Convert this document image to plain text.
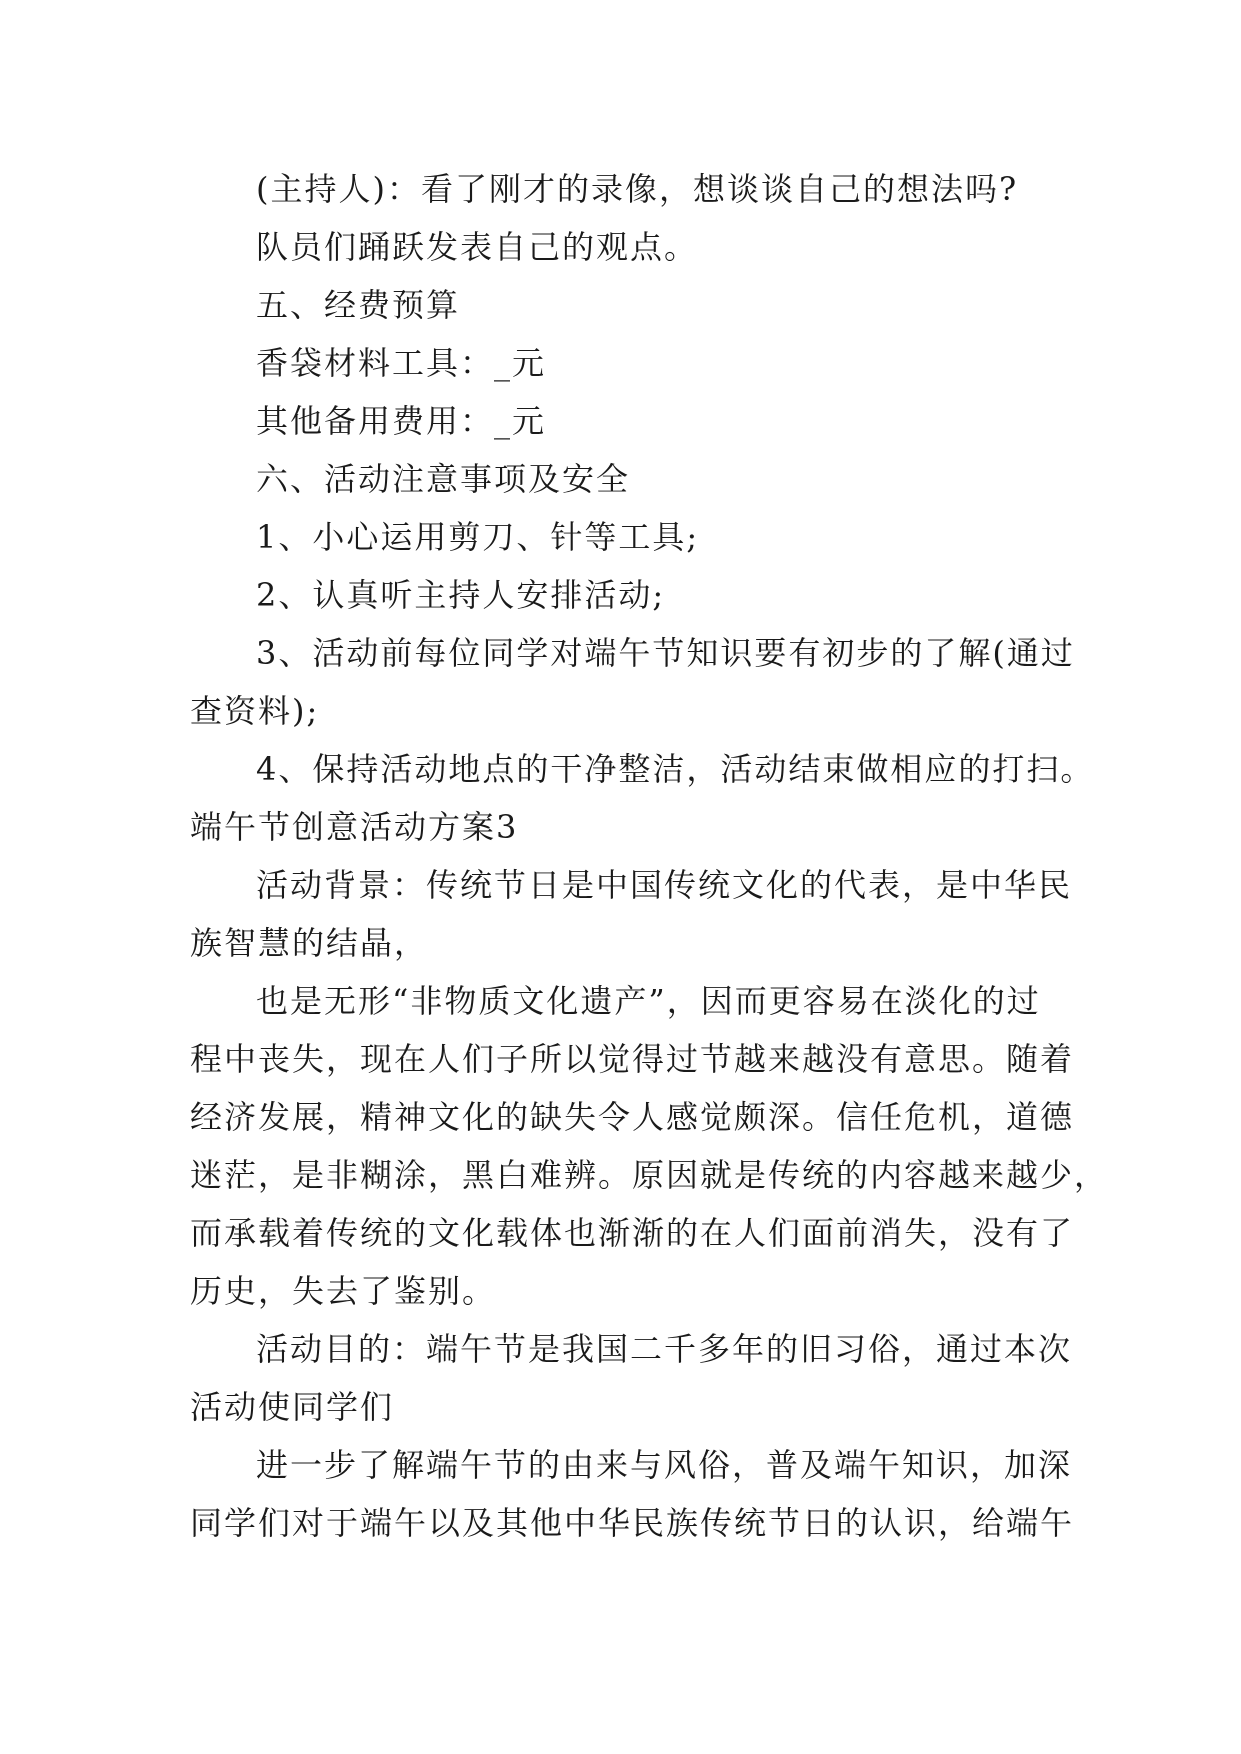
(主持人)：看了刚才的录像，想谈谈自己的想法吗?
队员们踊跃发表自己的观点。
五、经费预算
香袋材料工具：_元
其他备用费用：_元
六、活动注意事项及安全
1、小心运用剪刀、针等工具;
2、认真听主持人安排活动;
3、活动前每位同学对端午节知识要有初步的了解(通过
查资料);
4、保持活动地点的干净整洁，活动结束做相应的打扫。
端午节创意活动方案3
活动背景：传统节日是中国传统文化的代表，是中华民
族智慧的结晶，
也是无形“非物质文化遗产”，因而更容易在淡化的过
程中丧失，现在人们子所以觉得过节越来越没有意思。随着
经济发展，精神文化的缺失令人感觉颇深。信任危机，道德
迷茫，是非糊涂，黑白难辨。原因就是传统的内容越来越少，
而承载着传统的文化载体也渐渐的在人们面前消失，没有了
历史，失去了鉴别。
活动目的：端午节是我国二千多年的旧习俗，通过本次
活动使同学们
进一步了解端午节的由来与风俗，普及端午知识，加深
同学们对于端午以及其他中华民族传统节日的认识，给端午
